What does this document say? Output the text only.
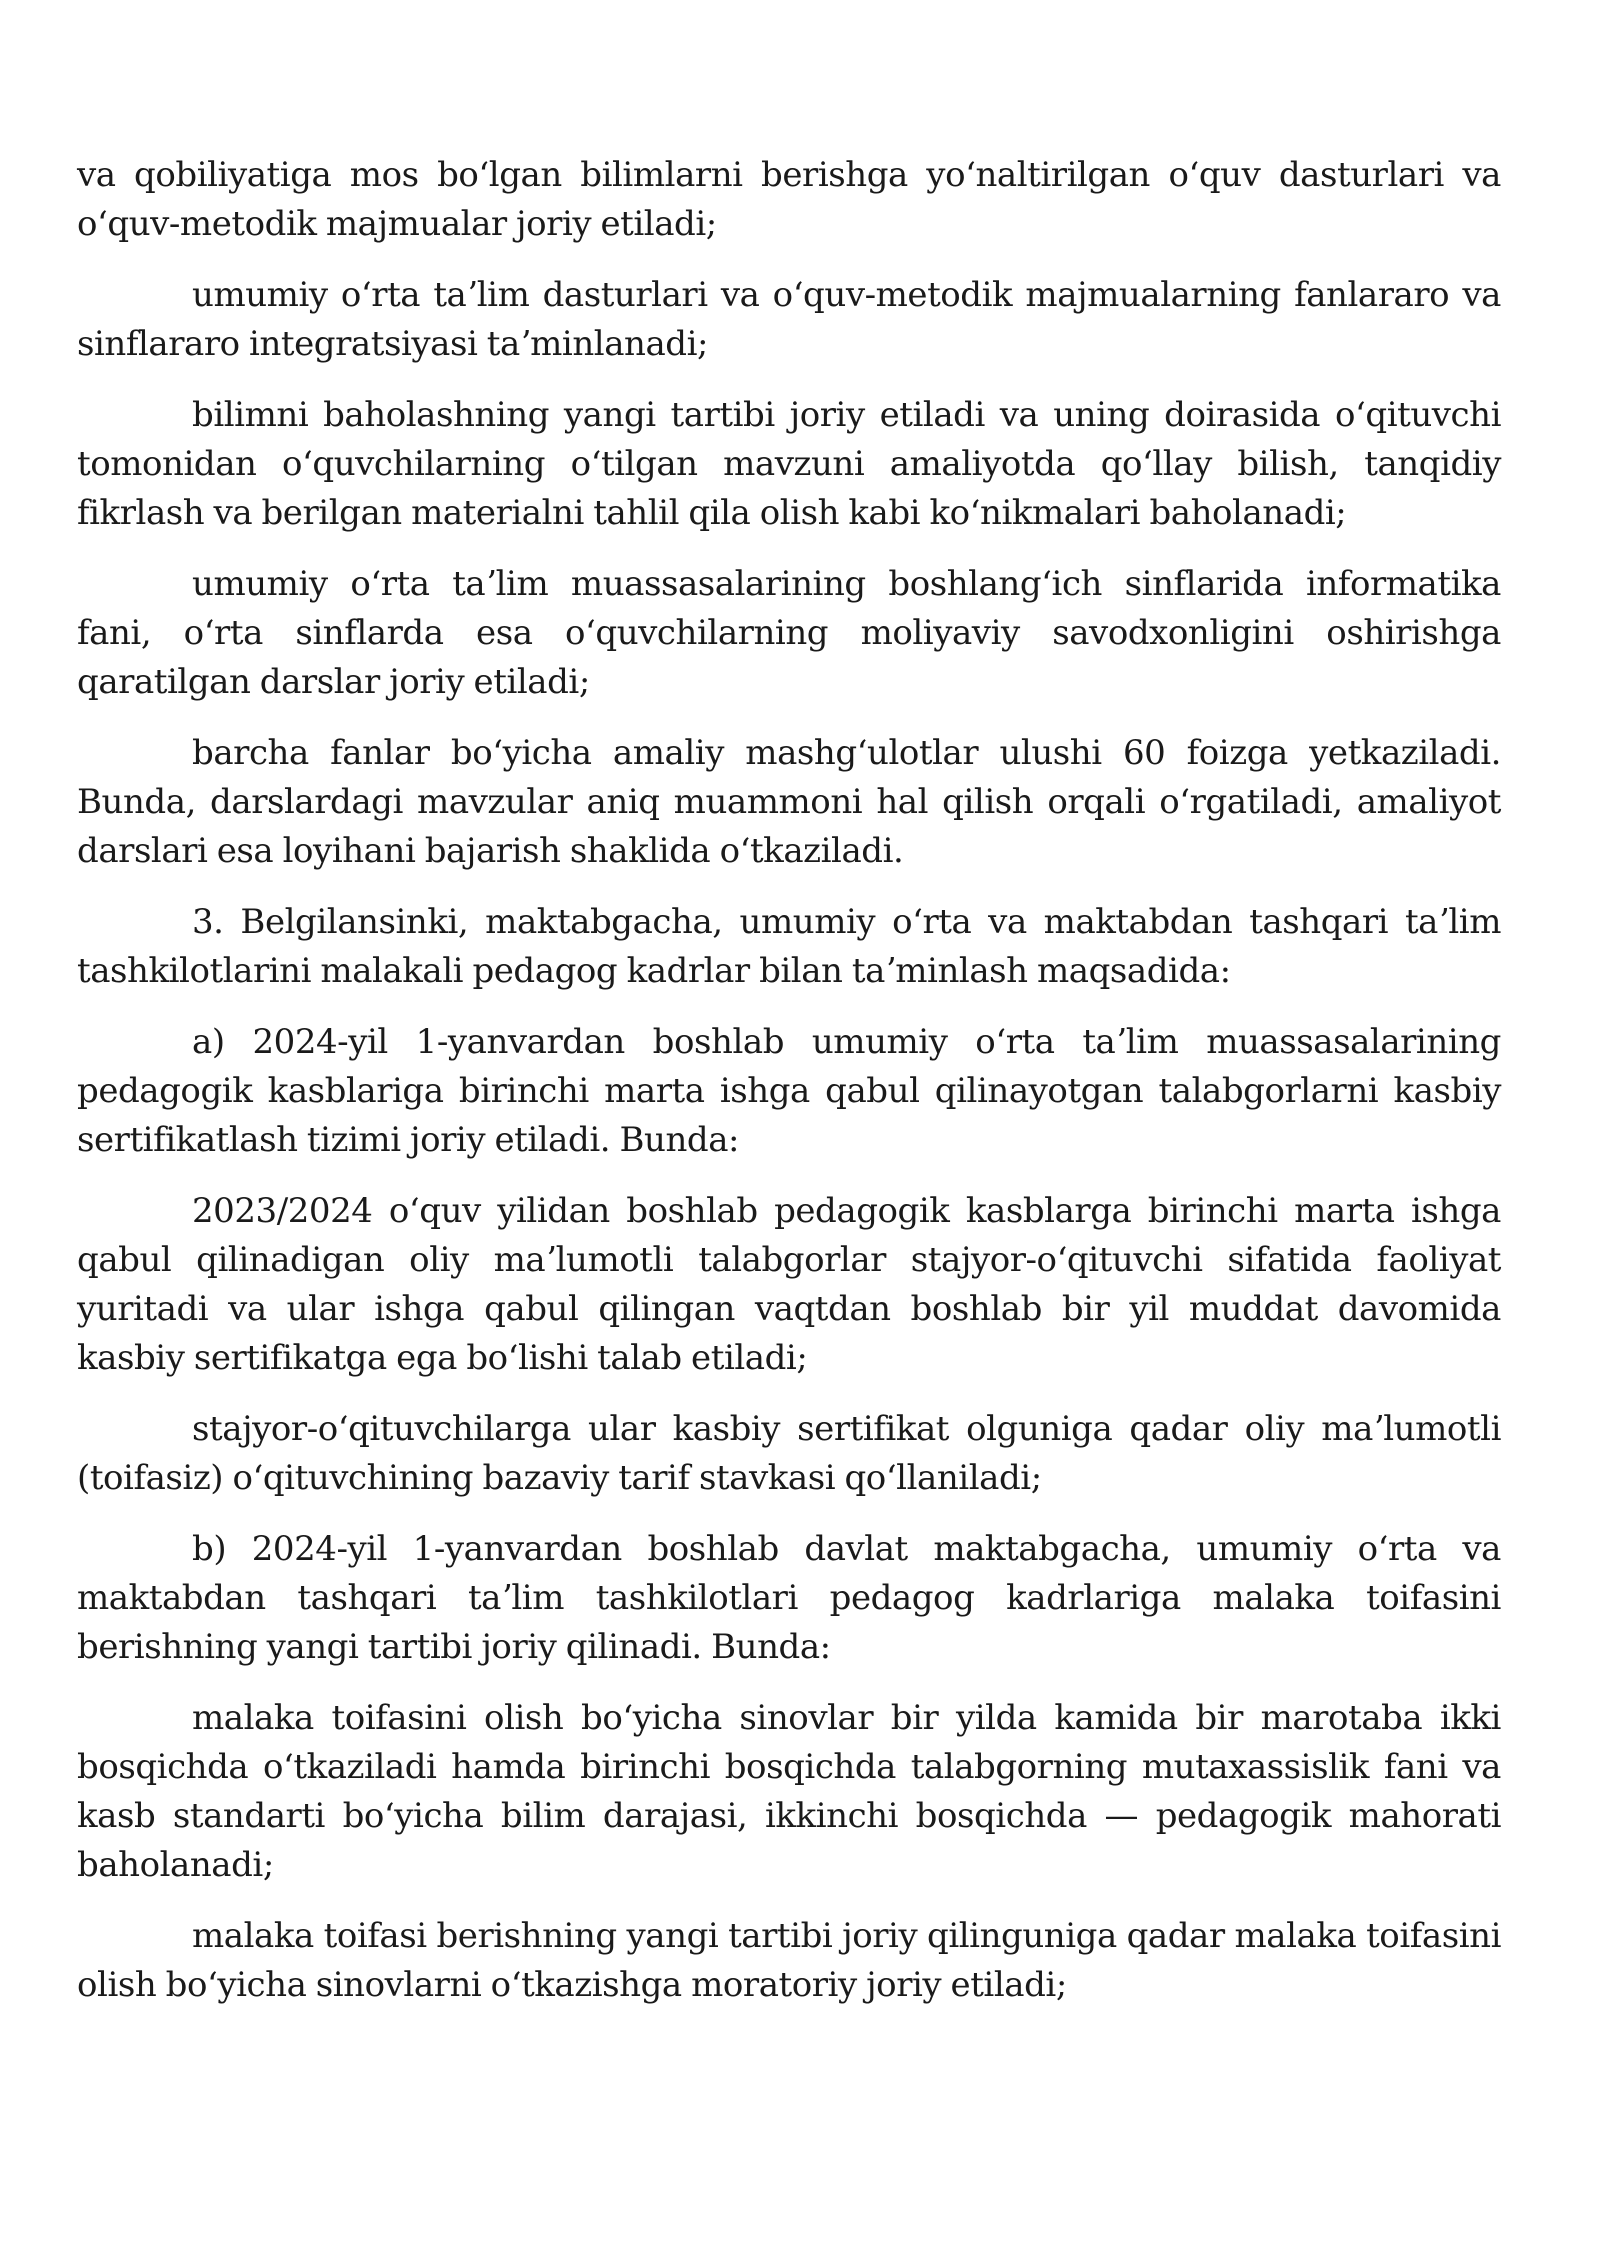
va qobiliyatiga mos boʻlgan bilimlarni berishga yoʻnaltirilgan oʻquv dasturlari va oʻquv-metodik majmualar joriy etiladi;

umumiy oʻrta taʼlim dasturlari va oʻquv-metodik majmualarning fanlararo va sinflararo integratsiyasi taʼminlanadi;

bilimni baholashning yangi tartibi joriy etiladi va uning doirasida oʻqituvchi tomonidan oʻquvchilarning oʻtilgan mavzuni amaliyotda qoʻllay bilish, tanqidiy fikrlash va berilgan materialni tahlil qila olish kabi koʻnikmalari baholanadi;

umumiy oʻrta taʼlim muassasalarining boshlangʻich sinflarida informatika fani, oʻrta sinflarda esa oʻquvchilarning moliyaviy savodxonligini oshirishga qaratilgan darslar joriy etiladi;

barcha fanlar boʻyicha amaliy mashgʻulotlar ulushi 60 foizga yetkaziladi. Bunda, darslardagi mavzular aniq muammoni hal qilish orqali oʻrgatiladi, amaliyot darslari esa loyihani bajarish shaklida oʻtkaziladi.

3. Belgilansinki, maktabgacha, umumiy oʻrta va maktabdan tashqari taʼlim tashkilotlarini malakali pedagog kadrlar bilan taʼminlash maqsadida:

a) 2024-yil 1-yanvardan boshlab umumiy oʻrta taʼlim muassasalarining pedagogik kasblariga birinchi marta ishga qabul qilinayotgan talabgorlarni kasbiy sertifikatlash tizimi joriy etiladi. Bunda:

2023/2024 oʻquv yilidan boshlab pedagogik kasblarga birinchi marta ishga qabul qilinadigan oliy maʼlumotli talabgorlar stajyor-oʻqituvchi sifatida faoliyat yuritadi va ular ishga qabul qilingan vaqtdan boshlab bir yil muddat davomida kasbiy sertifikatga ega boʻlishi talab etiladi;

stajyor-oʻqituvchilarga ular kasbiy sertifikat olguniga qadar oliy maʼlumotli (toifasiz) oʻqituvchining bazaviy tarif stavkasi qoʻllaniladi;

b) 2024-yil 1-yanvardan boshlab davlat maktabgacha, umumiy oʻrta va maktabdan tashqari taʼlim tashkilotlari pedagog kadrlariga malaka toifasini berishning yangi tartibi joriy qilinadi. Bunda:

malaka toifasini olish boʻyicha sinovlar bir yilda kamida bir marotaba ikki bosqichda oʻtkaziladi hamda birinchi bosqichda talabgorning mutaxassislik fani va kasb standarti boʻyicha bilim darajasi, ikkinchi bosqichda — pedagogik mahorati baholanadi;

malaka toifasi berishning yangi tartibi joriy qilinguniga qadar malaka toifasini olish boʻyicha sinovlarni oʻtkazishga moratoriy joriy etiladi;
